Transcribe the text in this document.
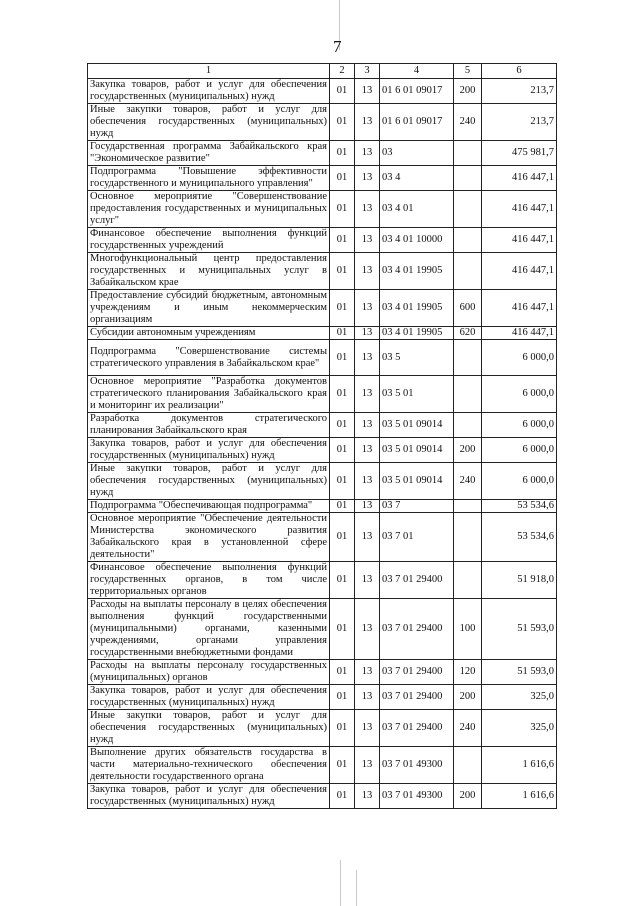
7
1	2	3	4	5	6
Закупка товаров, работ и услуг для обеспечения государственных (муниципальных) нужд	01	13	01 6 01 09017	200	213,7
Иные закупки товаров, работ и услуг для обеспечения государственных (муниципальных) нужд	01	13	01 6 01 09017	240	213,7
Государственная программа Забайкальского края "Экономическое развитие"	01	13	03		475 981,7
Подпрограмма "Повышение эффективности государственного и муниципального управления"	01	13	03 4		416 447,1
Основное мероприятие "Совершенствование предоставления государственных и муниципальных услуг"	01	13	03 4 01		416 447,1
Финансовое обеспечение выполнения функций государственных учреждений	01	13	03 4 01 10000		416 447,1
Многофункциональный центр предоставления государственных и муниципальных услуг в Забайкальском крае	01	13	03 4 01 19905		416 447,1
Предоставление субсидий бюджетным, автономным учреждениям и иным некоммерческим организациям	01	13	03 4 01 19905	600	416 447,1
Субсидии автономным учреждениям	01	13	03 4 01 19905	620	416 447,1
Подпрограмма "Совершенствование системы стратегического управления в Забайкальском крае"	01	13	03 5		6 000,0
Основное мероприятие "Разработка документов стратегического планирования Забайкальского края и мониторинг их реализации"	01	13	03 5 01		6 000,0
Разработка документов стратегического планирования Забайкальского края	01	13	03 5 01 09014		6 000,0
Закупка товаров, работ и услуг для обеспечения государственных (муниципальных) нужд	01	13	03 5 01 09014	200	6 000,0
Иные закупки товаров, работ и услуг для обеспечения государственных (муниципальных) нужд	01	13	03 5 01 09014	240	6 000,0
Подпрограмма "Обеспечивающая подпрограмма"	01	13	03 7		53 534,6
Основное мероприятие "Обеспечение деятельности Министерства экономического развития Забайкальского края в установленной сфере деятельности"	01	13	03 7 01		53 534,6
Финансовое обеспечение выполнения функций государственных органов, в том числе территориальных органов	01	13	03 7 01 29400		51 918,0
Расходы на выплаты персоналу в целях обеспечения выполнения функций государственными (муниципальными) органами, казенными учреждениями, органами управления государственными внебюджетными фондами	01	13	03 7 01 29400	100	51 593,0
Расходы на выплаты персоналу государственных (муниципальных) органов	01	13	03 7 01 29400	120	51 593,0
Закупка товаров, работ и услуг для обеспечения государственных (муниципальных) нужд	01	13	03 7 01 29400	200	325,0
Иные закупки товаров, работ и услуг для обеспечения государственных (муниципальных) нужд	01	13	03 7 01 29400	240	325,0
Выполнение других обязательств государства в части материально-технического обеспечения деятельности государственного органа	01	13	03 7 01 49300		1 616,6
Закупка товаров, работ и услуг для обеспечения государственных (муниципальных) нужд	01	13	03 7 01 49300	200	1 616,6
